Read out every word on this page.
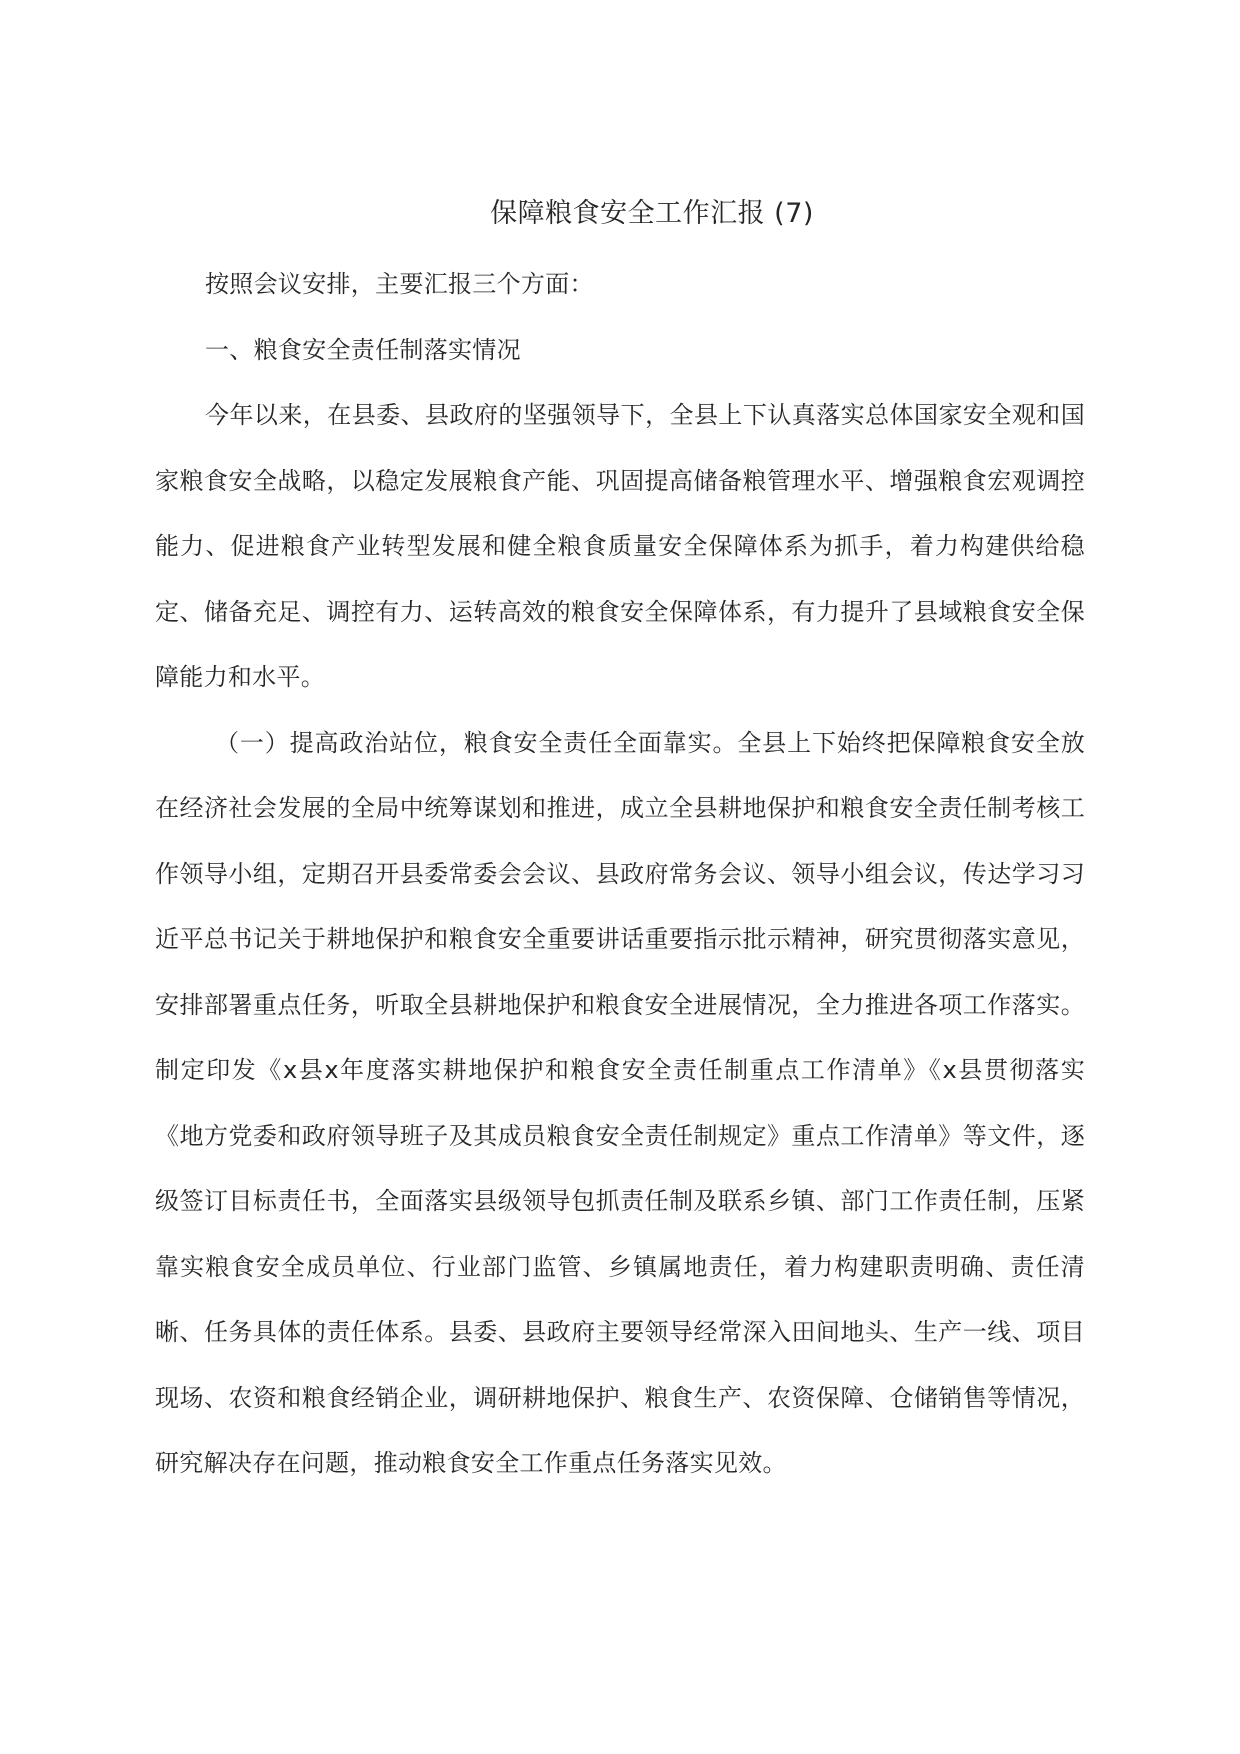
保障粮食安全工作汇报 (7)

按照会议安排，主要汇报三个方面：

一、粮食安全责任制落实情况

今年以来，在县委、县政府的坚强领导下，全县上下认真落实总体国家安全观和国家粮食安全战略，以稳定发展粮食产能、巩固提高储备粮管理水平、增强粮食宏观调控能力、促进粮食产业转型发展和健全粮食质量安全保障体系为抓手，着力构建供给稳定、储备充足、调控有力、运转高效的粮食安全保障体系，有力提升了县域粮食安全保障能力和水平。

（一）提高政治站位，粮食安全责任全面靠实。全县上下始终把保障粮食安全放在经济社会发展的全局中统筹谋划和推进，成立全县耕地保护和粮食安全责任制考核工作领导小组，定期召开县委常委会会议、县政府常务会议、领导小组会议，传达学习习近平总书记关于耕地保护和粮食安全重要讲话重要指示批示精神，研究贯彻落实意见，安排部署重点任务，听取全县耕地保护和粮食安全进展情况，全力推进各项工作落实。制定印发《x县x年度落实耕地保护和粮食安全责任制重点工作清单》《x县贯彻落实《地方党委和政府领导班子及其成员粮食安全责任制规定》重点工作清单》等文件，逐级签订目标责任书，全面落实县级领导包抓责任制及联系乡镇、部门工作责任制，压紧靠实粮食安全成员单位、行业部门监管、乡镇属地责任，着力构建职责明确、责任清晰、任务具体的责任体系。县委、县政府主要领导经常深入田间地头、生产一线、项目现场、农资和粮食经销企业，调研耕地保护、粮食生产、农资保障、仓储销售等情况，研究解决存在问题，推动粮食安全工作重点任务落实见效。
